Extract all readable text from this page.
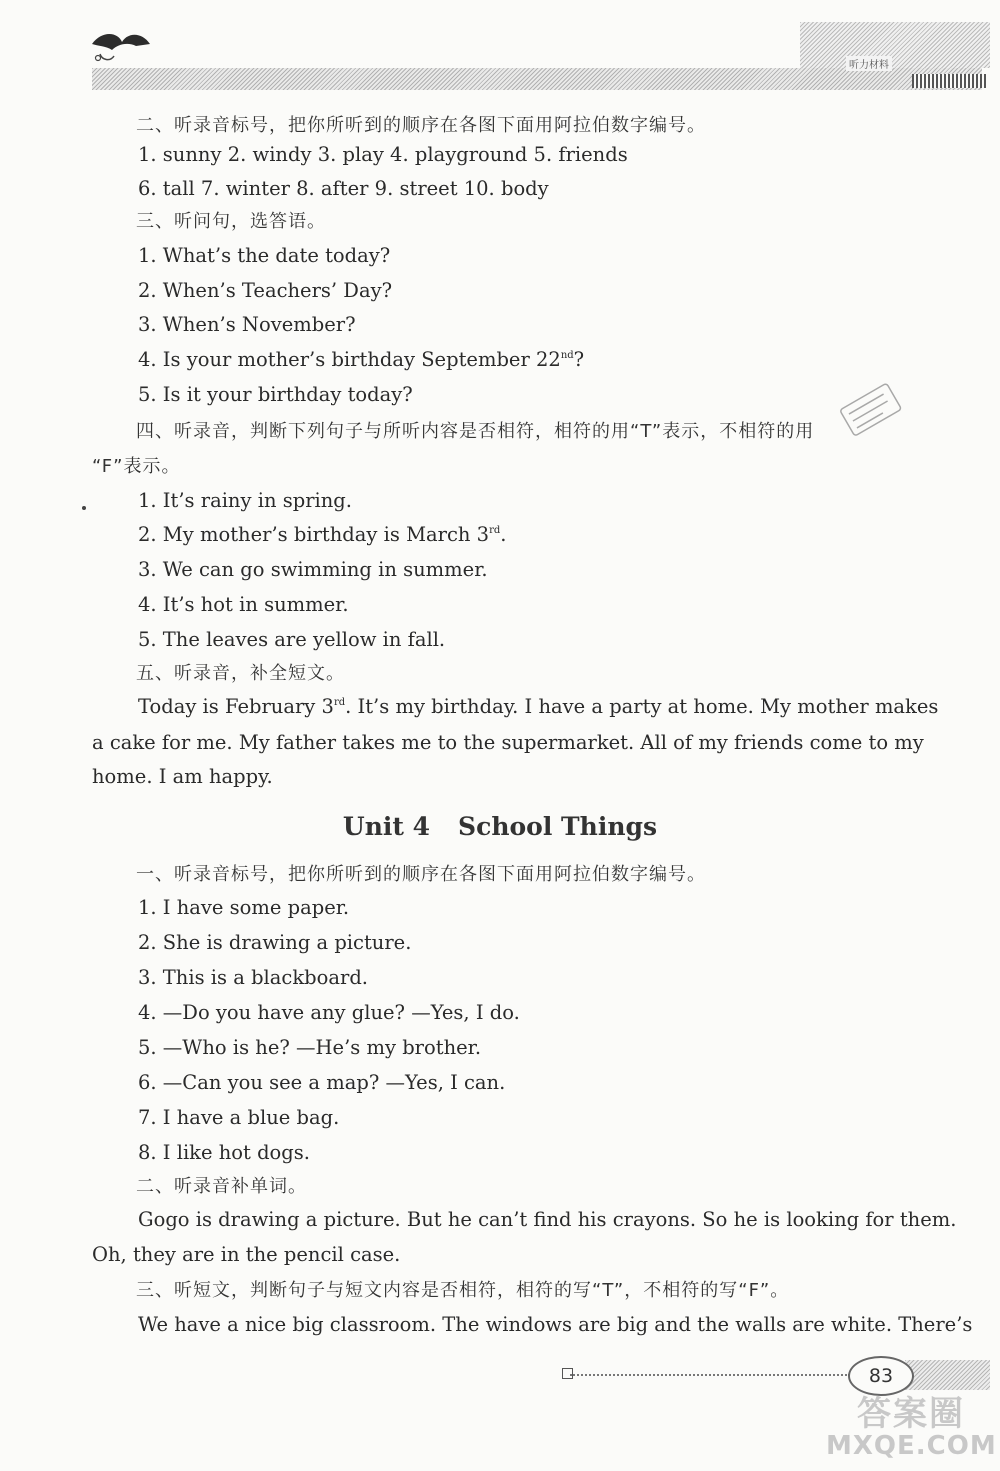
听力材料
二、听录音标号，把你所听到的顺序在各图下面用阿拉伯数字编号。
1. sunny 2. windy 3. play 4. playground 5. friends
6. tall 7. winter 8. after 9. street 10. body
三、听问句，选答语。
1. What’s the date today?
2. When’s Teachers’ Day?
3. When’s November?
4. Is your mother’s birthday September 22nd?
5. Is it your birthday today?
四、听录音，判断下列句子与所听内容是否相符，相符的用“T”表示，不相符的用
“F”表示。
1. It’s rainy in spring.
2. My mother’s birthday is March 3rd.
3. We can go swimming in summer.
4. It’s hot in summer.
5. The leaves are yellow in fall.
五、听录音，补全短文。
Today is February 3rd. It’s my birthday. I have a party at home. My mother makes
a cake for me. My father takes me to the supermarket. All of my friends come to my
home. I am happy.
Unit 4 School Things
一、听录音标号，把你所听到的顺序在各图下面用阿拉伯数字编号。
1. I have some paper.
2. She is drawing a picture.
3. This is a blackboard.
4. —Do you have any glue? —Yes, I do.
5. —Who is he? —He’s my brother.
6. —Can you see a map? —Yes, I can.
7. I have a blue bag.
8. I like hot dogs.
二、听录音补单词。
Gogo is drawing a picture. But he can’t find his crayons. So he is looking for them.
Oh, they are in the pencil case.
三、听短文，判断句子与短文内容是否相符，相符的写“T”，不相符的写“F”。
We have a nice big classroom. The windows are big and the walls are white. There’s
83
答案圈
MXQE.COM
